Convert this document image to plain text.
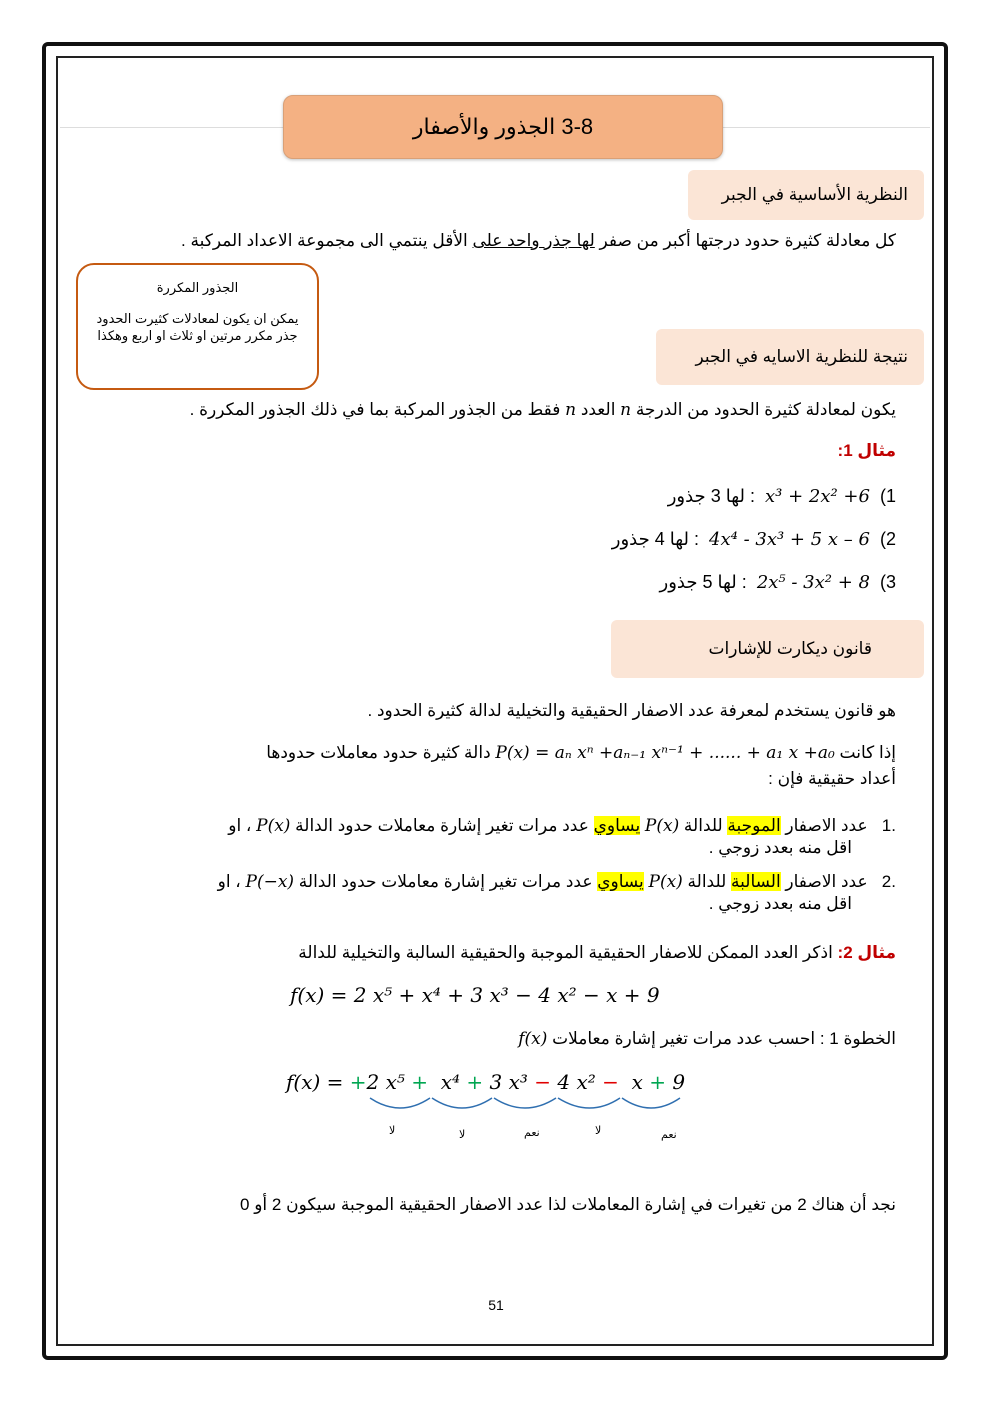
3-8 الجذور والأصفار
النظرية الأساسية في الجبر
كل معادلة كثيرة حدود درجتها أكبر من صفر لها جذر واحد على الأقل ينتمي الى مجموعة الاعداد المركبة .
الجذور المكررة
يمكن ان يكون لمعادلات كثيرت الحدود جذر مكرر مرتين او ثلاث او اربع وهكذا
نتيجة للنظرية الاسايه في الجبر
يكون لمعادلة كثيرة الحدود من الدرجة n العدد n فقط من الجذور المركبة بما في ذلك الجذور المكررة .
مثال 1:
1)  x³ + 2x² +6  : لها 3 جذور
2)  4x⁴ - 3x³ + 5 x – 6  : لها 4 جذور
3)  2x⁵ - 3x² + 8  : لها 5 جذور
قانون ديكارت للإشارات
هو قانون يستخدم لمعرفة عدد الاصفار الحقيقية والتخيلية لدالة كثيرة الحدود .
إذا كانت P(x) = aₙ xⁿ +aₙ₋₁ xⁿ⁻¹ + ...... + a₁ x +a₀ دالة كثيرة حدود معاملات حدودها
أعداد حقيقية فإن :
.1   عدد الاصفار الموجبة للدالة P(x) يساوي عدد مرات تغير إشارة معاملات حدود الدالة P(x) ، او
اقل منه بعدد زوجي .
.2   عدد الاصفار السالبة للدالة P(x) يساوي عدد مرات تغير إشارة معاملات حدود الدالة P(−x) ، او
اقل منه بعدد زوجي .
مثال 2: اذكر العدد الممكن للاصفار الحقيقية الموجبة والحقيقية السالبة والتخيلية للدالة
f(x) = 2 x⁵ + x⁴ + 3 x³ − 4 x² − x + 9
الخطوة 1 : احسب عدد مرات تغير إشارة معاملات f(x)
f(x) = +2 x⁵ +  x⁴ + 3 x³ − 4 x² −  x + 9
لا	لا	نعم	لا	نعم
نجد أن هناك 2 من تغيرات في إشارة المعاملات لذا عدد الاصفار الحقيقية الموجبة سيكون 2 أو 0
51
